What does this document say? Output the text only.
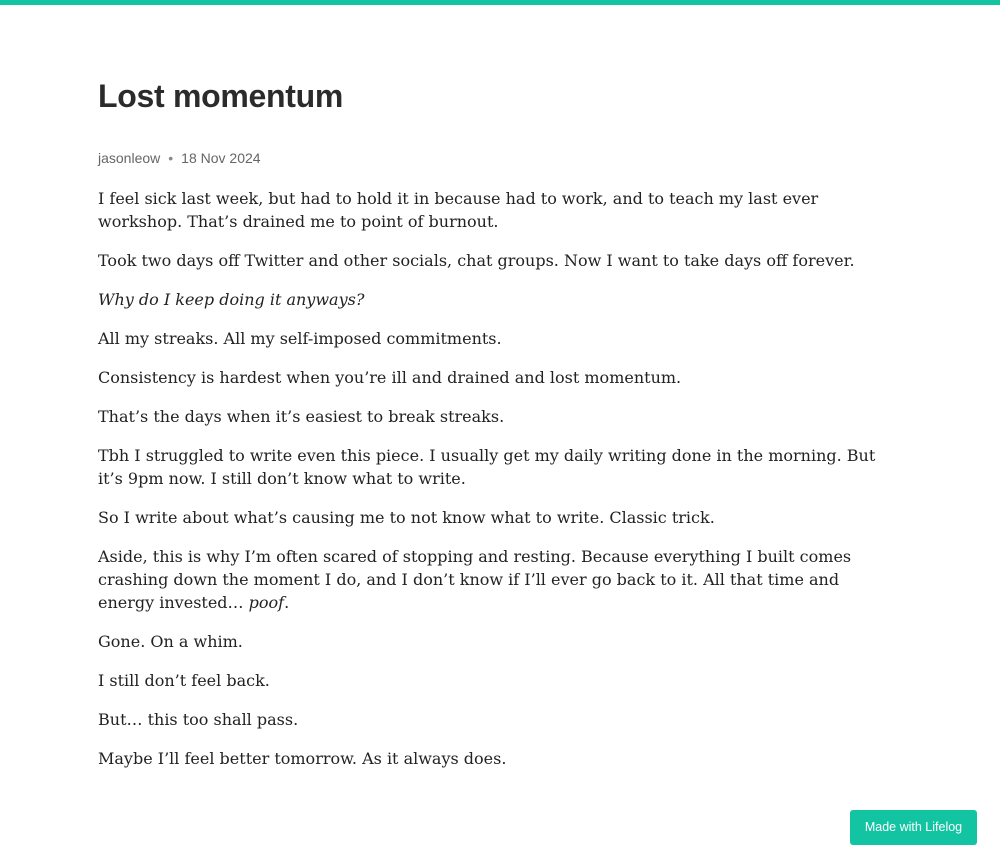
Lost momentum
jasonleow • 18 Nov 2024

I feel sick last week, but had to hold it in because had to work, and to teach my last ever workshop. That’s drained me to point of burnout.

Took two days off Twitter and other socials, chat groups. Now I want to take days off forever.

Why do I keep doing it anyways?

All my streaks. All my self-imposed commitments.

Consistency is hardest when you’re ill and drained and lost momentum.

That’s the days when it’s easiest to break streaks.

Tbh I struggled to write even this piece. I usually get my daily writing done in the morning. But it’s 9pm now. I still don’t know what to write.

So I write about what’s causing me to not know what to write. Classic trick.

Aside, this is why I’m often scared of stopping and resting. Because everything I built comes crashing down the moment I do, and I don’t know if I’ll ever go back to it. All that time and energy invested… poof.

Gone. On a whim.

I still don’t feel back.

But… this too shall pass.

Maybe I’ll feel better tomorrow. As it always does.

Made with Lifelog
